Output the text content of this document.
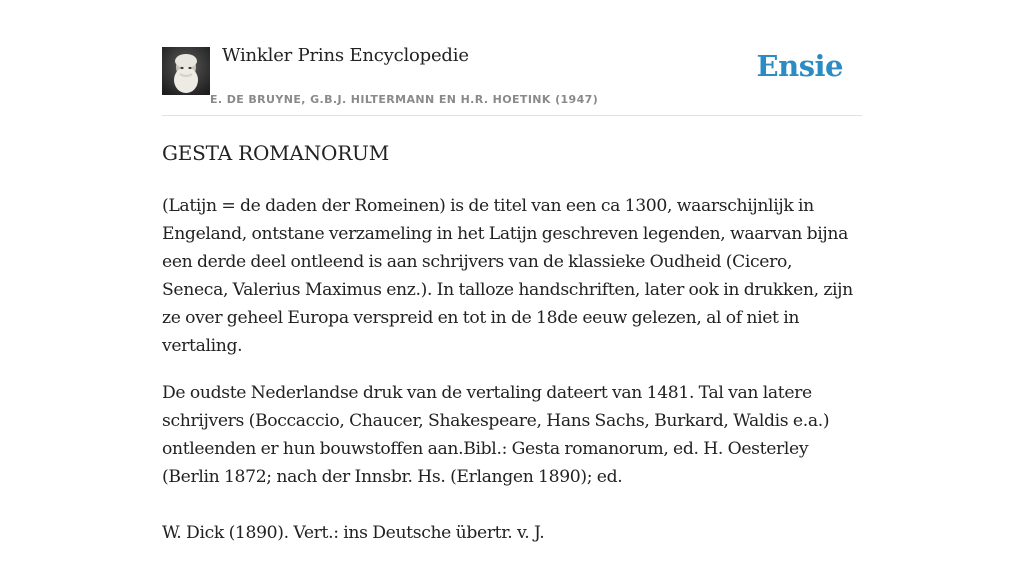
Winkler Prins Encyclopedie
E. DE BRUYNE, G.B.J. HILTERMANN EN H.R. HOETINK (1947)
Ensie
GESTA ROMANORUM

(Latijn = de daden der Romeinen) is de titel van een ca 1300, waarschijnlijk in Engeland, ontstane verzameling in het Latijn geschreven legenden, waarvan bijna een derde deel ontleend is aan schrijvers van de klassieke Oudheid (Cicero, Seneca, Valerius Maximus enz.). In talloze handschriften, later ook in drukken, zijn ze over geheel Europa verspreid en tot in de 18de eeuw gelezen, al of niet in vertaling.

De oudste Nederlandse druk van de vertaling dateert van 1481. Tal van latere schrijvers (Boccaccio, Chaucer, Shakespeare, Hans Sachs, Burkard, Waldis e.a.) ontleenden er hun bouwstoffen aan.Bibl.: Gesta romanorum, ed. H. Oesterley (Berlin 1872; nach der Innsbr. Hs. (Erlangen 1890); ed.

W. Dick (1890). Vert.: ins Deutsche übertr. v. J.
